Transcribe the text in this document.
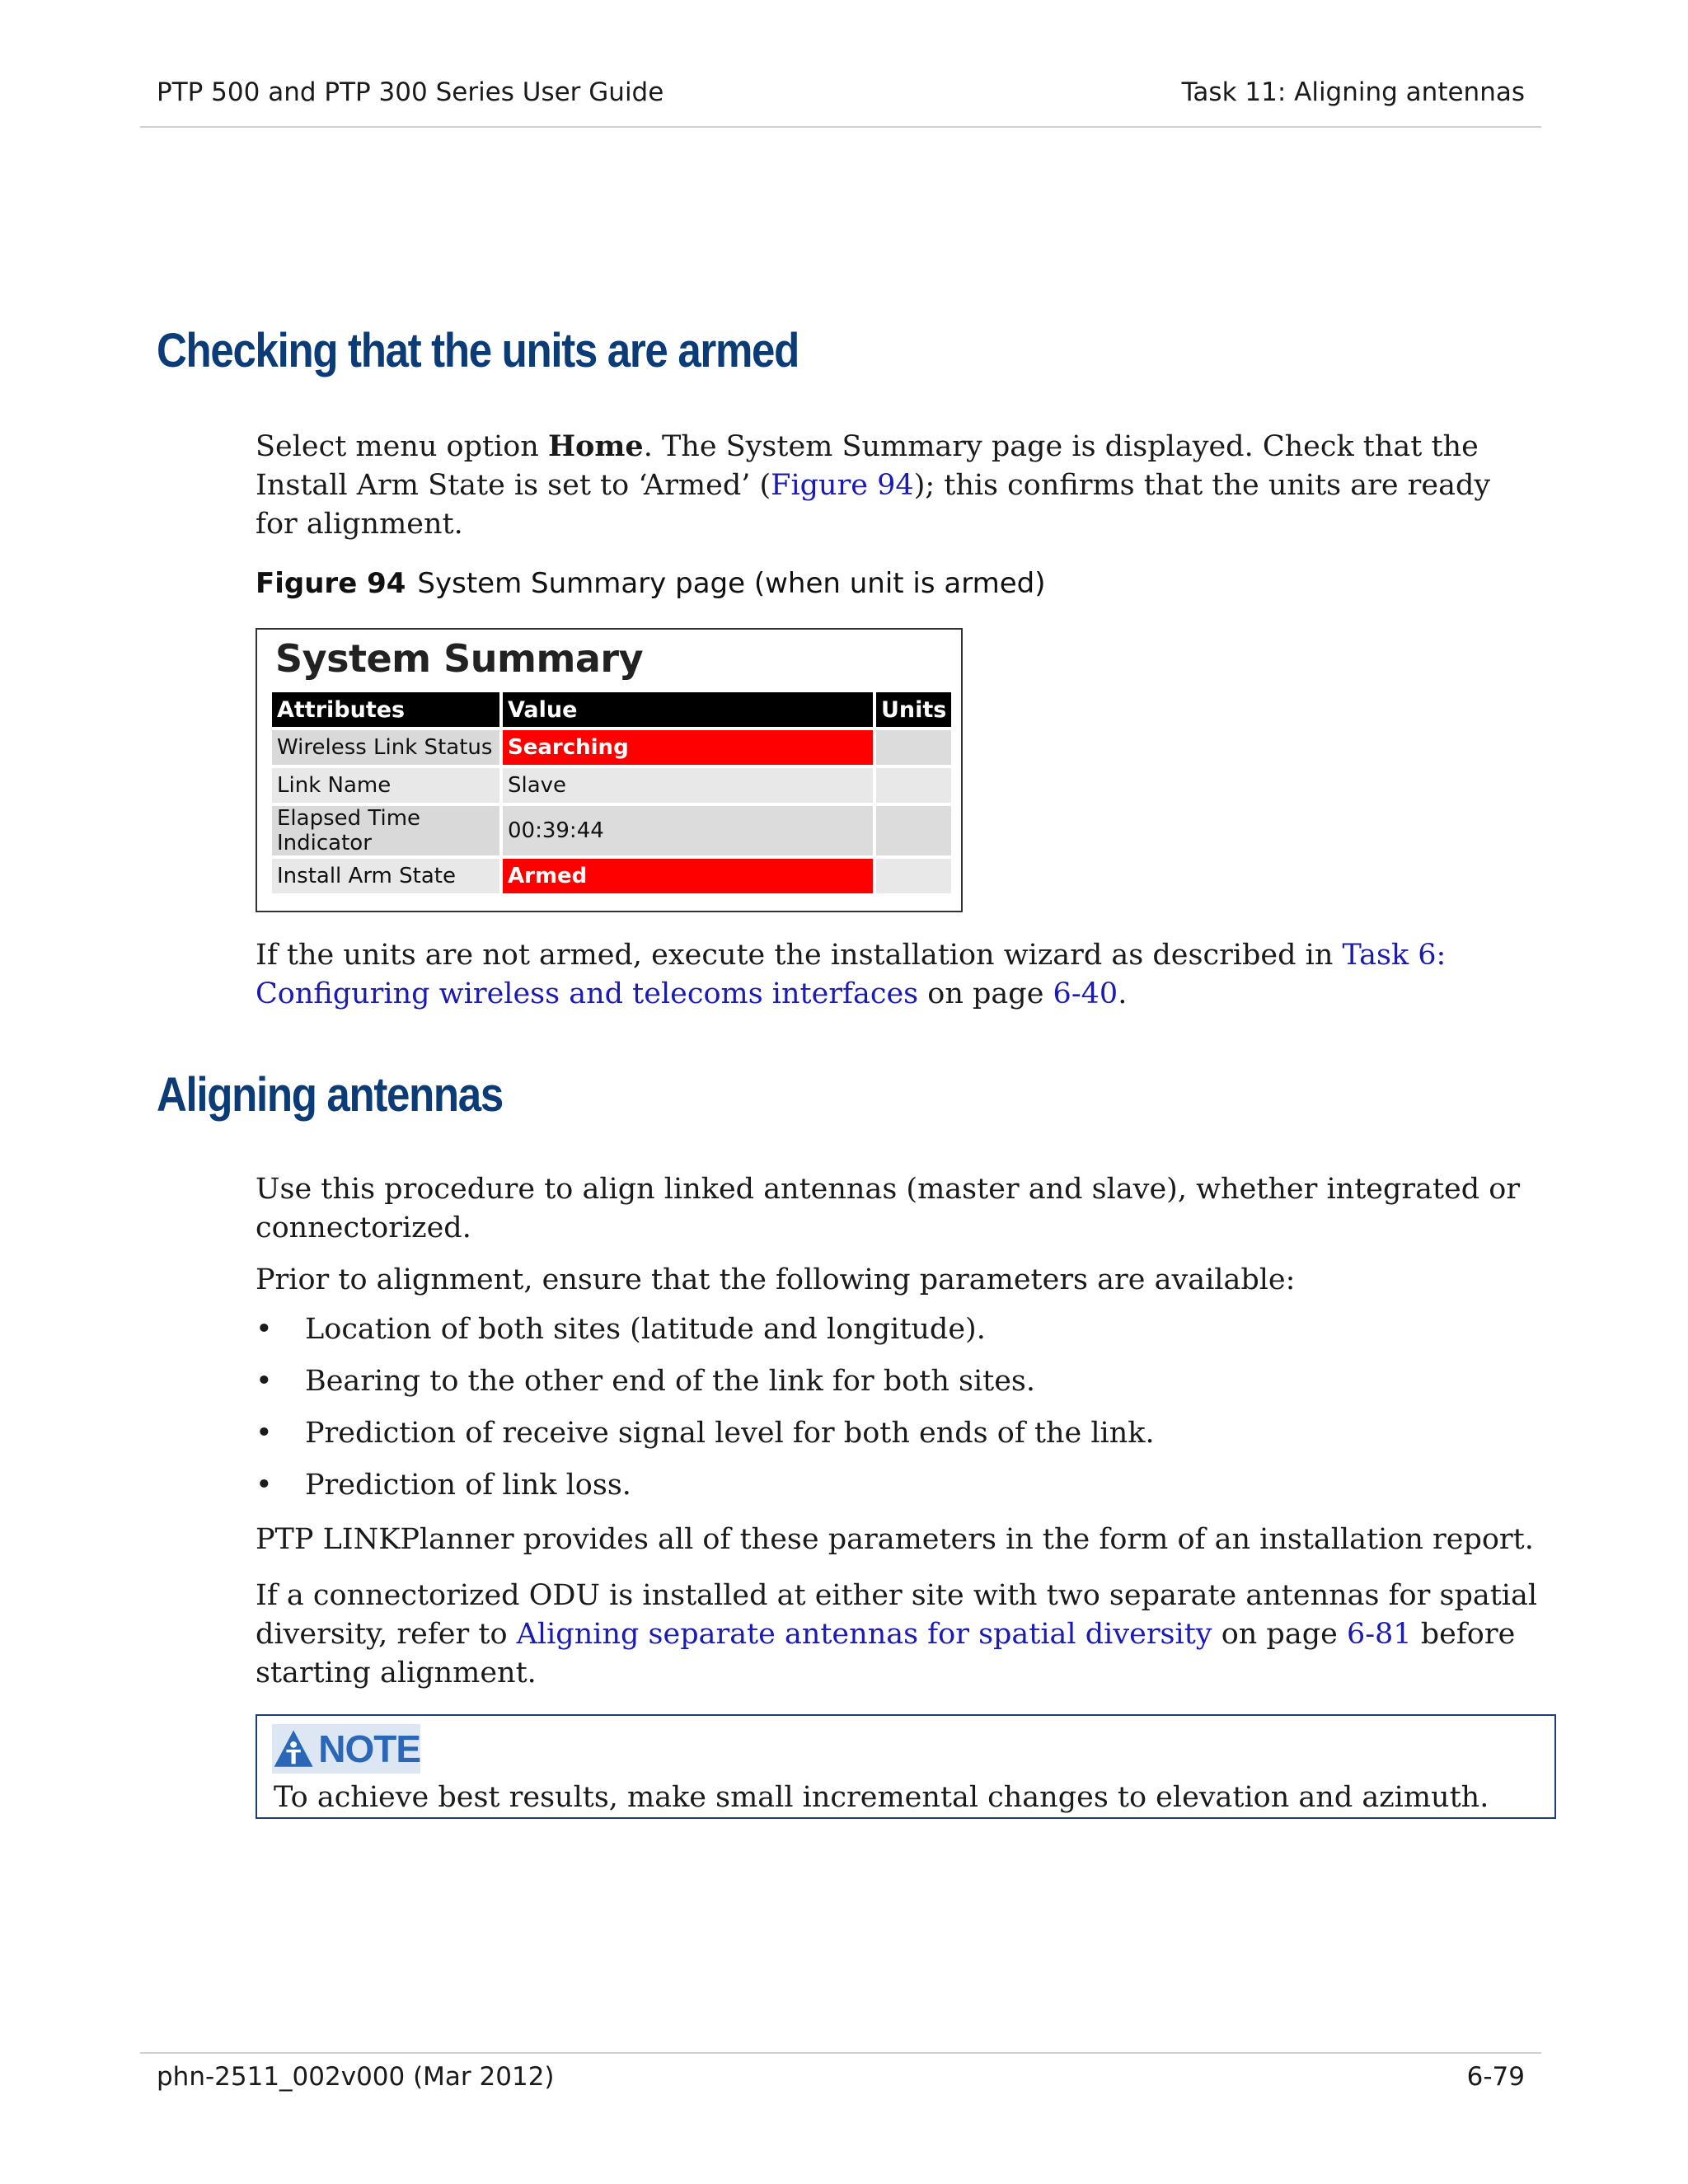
PTP 500 and PTP 300 Series User Guide	Task 11: Aligning antennas
Checking that the units are armed

Select menu option Home. The System Summary page is displayed. Check that the Install Arm State is set to ‘Armed’ (Figure 94); this confirms that the units are ready for alignment.

Figure 94 System Summary page (when unit is armed)
System Summary
Attributes	Value	Units
Wireless Link Status	Searching	
Link Name	Slave	
Elapsed Time Indicator	00:39:44	
Install Arm State	Armed	

If the units are not armed, execute the installation wizard as described in Task 6: Configuring wireless and telecoms interfaces on page 6-40.

Aligning antennas

Use this procedure to align linked antennas (master and slave), whether integrated or connectorized.

Prior to alignment, ensure that the following parameters are available:

• Location of both sites (latitude and longitude).
• Bearing to the other end of the link for both sites.
• Prediction of receive signal level for both ends of the link.
• Prediction of link loss.

PTP LINKPlanner provides all of these parameters in the form of an installation report.

If a connectorized ODU is installed at either site with two separate antennas for spatial diversity, refer to Aligning separate antennas for spatial diversity on page 6-81 before starting alignment.

NOTE
To achieve best results, make small incremental changes to elevation and azimuth.
phn-2511_002v000 (Mar 2012)	6-79
